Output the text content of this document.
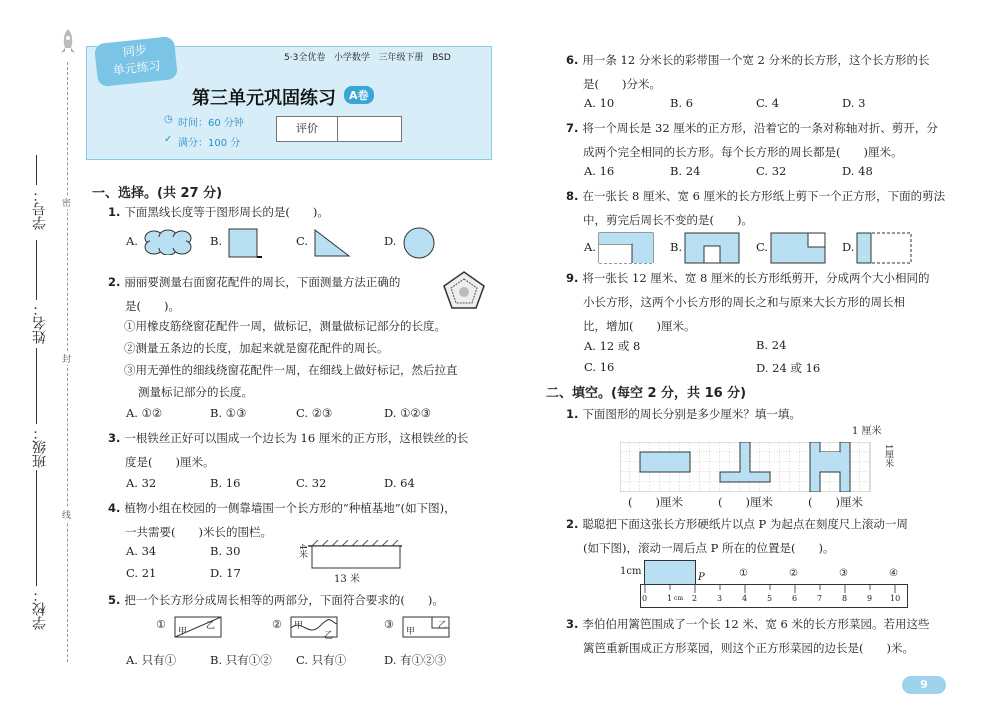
学号：
姓名：
班级：
学校：
密
封
线
5·3全优卷 小学数学 三年级下册 BSD
同步
单元练习
第三单元巩固练习	A卷
◷ 时间：60 分钟
✓ 满分：100 分
评价
一、选择。(共 27 分)
1. 下面黑线长度等于图形周长的是(　　)。
A.	B.	C.	D.
2. 丽丽要测量右面窗花配件的周长，下面测量方法正确的
是(　　)。
①用橡皮筋绕窗花配件一周，做标记，测量做标记部分的长度。
②测量五条边的长度，加起来就是窗花配件的周长。
③用无弹性的细线绕窗花配件一周，在细线上做好标记，然后拉直
测量标记部分的长度。
A. ①②	B. ①③	C. ②③	D. ①②③
3. 一根铁丝正好可以围成一个边长为 16 厘米的正方形，这根铁丝的长
度是(　　)厘米。
A. 32	B. 16	C. 32	D. 64
4. 植物小组在校园的一侧靠墙围一个长方形的“种植基地”(如下图)，
一共需要(　　)米长的围栏。
A. 34	B. 30
C. 21	D. 17
4米
13 米
5. 把一个长方形分成周长相等的两部分，下面符合要求的(　　)。
①
甲
乙	② 甲
乙
③
甲
乙
A. 只有①	B. 只有①② C. 只有①	D. 有①②③
6. 用一条 12 分米长的彩带围一个宽 2 分米的长方形，这个长方形的长
是(　　)分米。
A. 10	B. 6	C. 4	D. 3
7. 将一个周长是 32 厘米的正方形，沿着它的一条对称轴对折、剪开，分
成两个完全相同的长方形。每个长方形的周长都是(　　)厘米。
A. 16	B. 24	C. 32	D. 48
8. 在一张长 8 厘米、宽 6 厘米的长方形纸上剪下一个正方形，下面的剪法
中，剪完后周长不变的是(　　)。
A.	B.	C.	D.
9. 将一张长 12 厘米、宽 8 厘米的长方形纸剪开，分成两个大小相同的
小长方形，这两个小长方形的周长之和与原来大长方形的周长相
比，增加(　　)厘米。
A. 12 或 8	B. 24
C. 16	D. 24 或 16
二、填空。(每空 2 分，共 16 分)
1. 下面图形的周长分别是多少厘米？填一填。
1 厘米
1厘米
(　　)厘米	(　　)厘米	(　　)厘米
2. 聪聪把下面这张长方形硬纸片以点 P 为起点在刻度尺上滚动一周
(如下图)，滚动一周后点 P 所在的位置是(　　)。
1cm
P	①	②	③	④
0 1 cm 2 3 4 5 6 7 8 9 10
3. 李伯伯用篱笆围成了一个长 12 米、宽 6 米的长方形菜园。若用这些
篱笆重新围成正方形菜园，则这个正方形菜园的边长是(　　)米。
9
